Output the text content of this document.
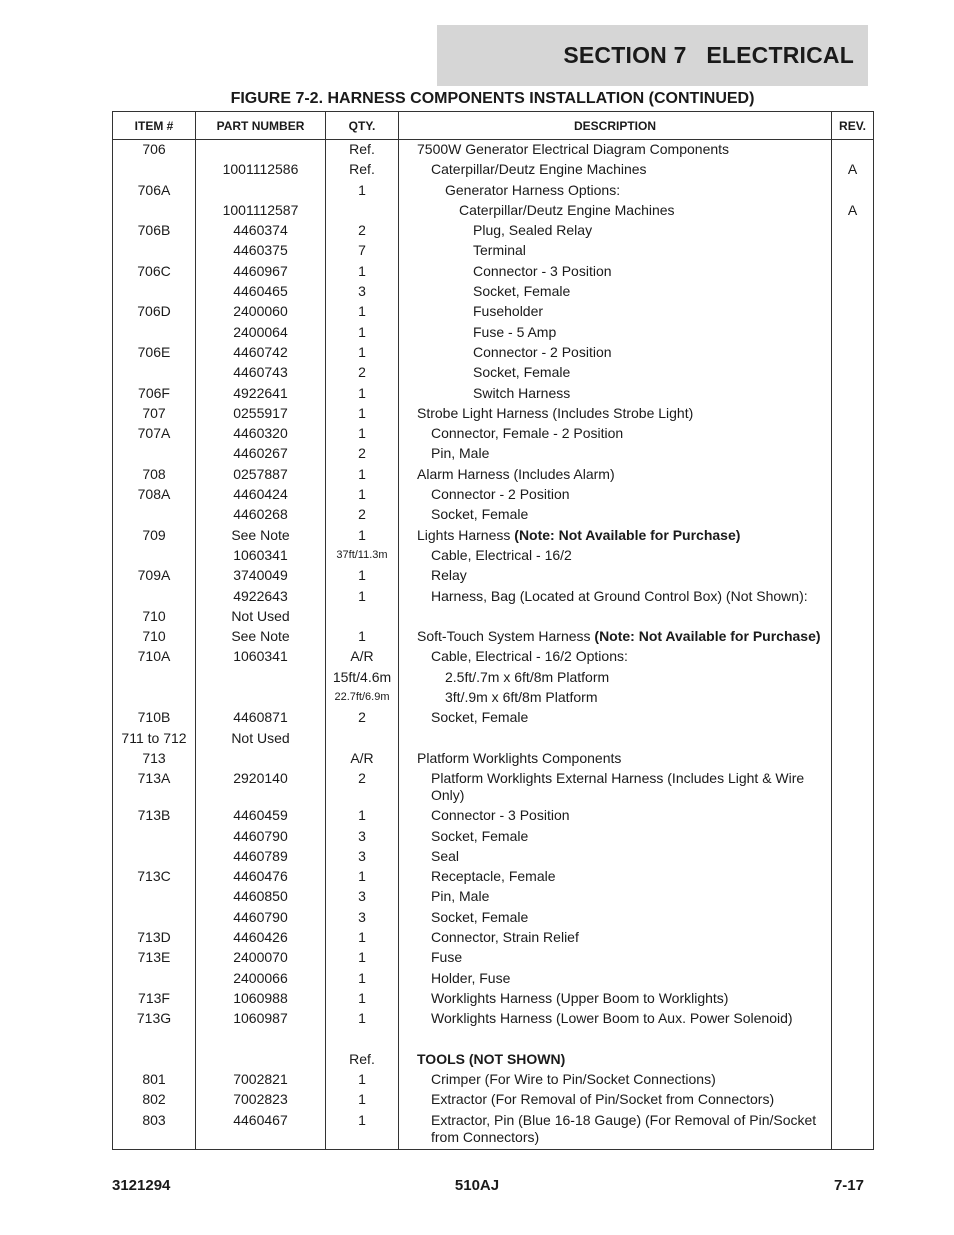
SECTION 7   ELECTRICAL
FIGURE 7-2. HARNESS COMPONENTS INSTALLATION (CONTINUED)
ITEM #	PART NUMBER	QTY.	DESCRIPTION	REV.
706		Ref.	7500W Generator Electrical Diagram Components	
	1001112586	Ref.	Caterpillar/Deutz Engine Machines	A
706A		1	Generator Harness Options:	
	1001112587		Caterpillar/Deutz Engine Machines	A
706B	4460374	2	Plug, Sealed Relay	
	4460375	7	Terminal	
706C	4460967	1	Connector - 3 Position	
	4460465	3	Socket, Female	
706D	2400060	1	Fuseholder	
	2400064	1	Fuse - 5 Amp	
706E	4460742	1	Connector - 2 Position	
	4460743	2	Socket, Female	
706F	4922641	1	Switch Harness	
707	0255917	1	Strobe Light Harness (Includes Strobe Light)	
707A	4460320	1	Connector, Female - 2 Position	
	4460267	2	Pin, Male	
708	0257887	1	Alarm Harness (Includes Alarm)	
708A	4460424	1	Connector - 2 Position	
	4460268	2	Socket, Female	
709	See Note	1	Lights Harness (Note: Not Available for Purchase)	
	1060341	37ft/11.3m	Cable, Electrical - 16/2	
709A	3740049	1	Relay	
	4922643	1	Harness, Bag (Located at Ground Control Box) (Not Shown):	
710	Not Used			
710	See Note	1	Soft-Touch System Harness (Note: Not Available for Purchase)	
710A	1060341	A/R	Cable, Electrical - 16/2 Options:	
		15ft/4.6m	2.5ft/.7m x 6ft/8m Platform	
		22.7ft/6.9m	3ft/.9m x 6ft/8m Platform	
710B	4460871	2	Socket, Female	
711 to 712	Not Used			
713		A/R	Platform Worklights Components	
713A	2920140	2	Platform Worklights External Harness (Includes Light & Wire Only)	
713B	4460459	1	Connector - 3 Position	
	4460790	3	Socket, Female	
	4460789	3	Seal	
713C	4460476	1	Receptacle, Female	
	4460850	3	Pin, Male	
	4460790	3	Socket, Female	
713D	4460426	1	Connector, Strain Relief	
713E	2400070	1	Fuse	
	2400066	1	Holder, Fuse	
713F	1060988	1	Worklights Harness (Upper Boom to Worklights)	
713G	1060987	1	Worklights Harness (Lower Boom to Aux. Power Solenoid)	

		Ref.	TOOLS (NOT SHOWN)	
801	7002821	1	Crimper (For Wire to Pin/Socket Connections)	
802	7002823	1	Extractor (For Removal of Pin/Socket from Connectors)	
803	4460467	1	Extractor, Pin (Blue 16-18 Gauge) (For Removal of Pin/Socket from Connectors)	
3121294	510AJ	7-17
